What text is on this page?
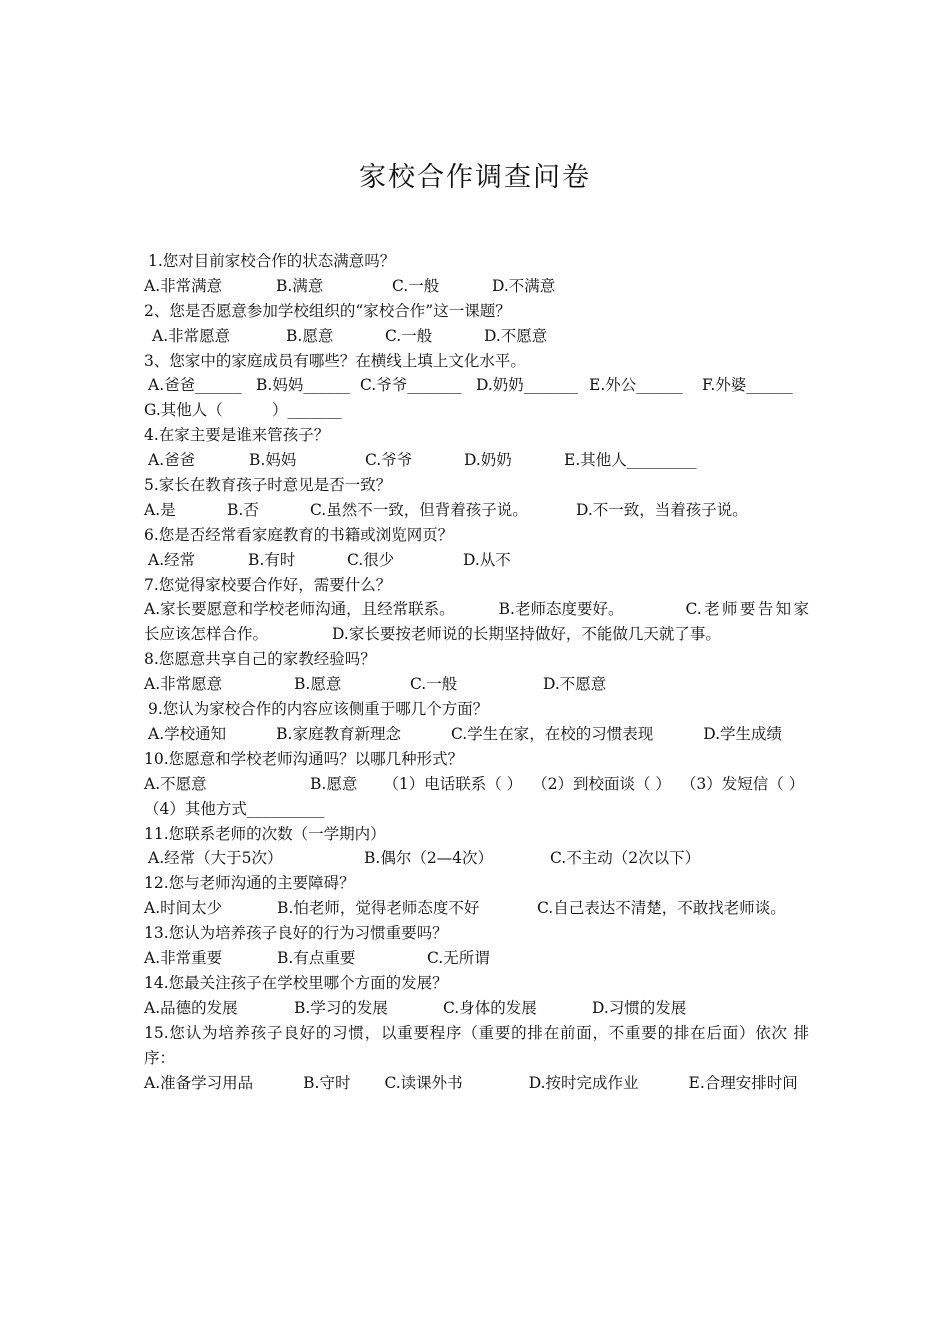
家校合作调查问卷
1.您对目前家校合作的状态满意吗？
A.非常满意	B.满意	C.一般	D.不满意
2、您是否愿意参加学校组织的“家校合作”这一课题？
A.非常愿意	B.愿意	C.一般	D.不愿意
3、您家中的家庭成员有哪些？在横线上填上文化水平。
A.爸爸______ B.妈妈______ C.爷爷_______ D.奶奶_______ E.外公______	F.外婆______
G.其他人（          ）_______
4.在家主要是谁来管孩子？
A.爸爸	B.妈妈	C.爷爷	D.奶奶	E.其他人_________
5.家长在教育孩子时意见是否一致？
A.是	B.否	C.虽然不一致，但背着孩子说。	D.不一致，当着孩子说。
6.您是否经常看家庭教育的书籍或浏览网页？
A.经常	B.有时	C.很少	D.从不
7.您觉得家校要合作好，需要什么？
A.家长要愿意和学校老师沟通，且经常联系。	B.老师态度要好。	C.老师要告知家长应该怎样合作。	D.家长要按老师说的长期坚持做好，不能做几天就了事。
8.您愿意共享自己的家教经验吗？
A.非常愿意	B.愿意	C.一般	D.不愿意
9.您认为家校合作的内容应该侧重于哪几个方面？
A.学校通知	B.家庭教育新理念	C.学生在家，在校的习惯表现	D.学生成绩
10.您愿意和学校老师沟通吗？以哪几种形式？
A.不愿意	B.愿意 （1）电话联系（ ） （2）到校面谈（ ） （3）发短信（ ）（4）其他方式__________
11.您联系老师的次数（一学期内）
A.经常（大于5次）	B.偶尔（2—4次）	C.不主动（2次以下）
12.您与老师沟通的主要障碍？
A.时间太少	B.怕老师，觉得老师态度不好	C.自己表达不清楚，不敢找老师谈。
13.您认为培养孩子良好的行为习惯重要吗？
A.非常重要	B.有点重要	C.无所谓
14.您最关注孩子在学校里哪个方面的发展？
A.品德的发展	B.学习的发展	C.身体的发展	D.习惯的发展
15.您认为培养孩子良好的习惯，以重要程序（重要的排在前面，不重要的排在后面）依次 排序：
A.准备学习用品	B.守时 C.读课外书	D.按时完成作业	E.合理安排时间
